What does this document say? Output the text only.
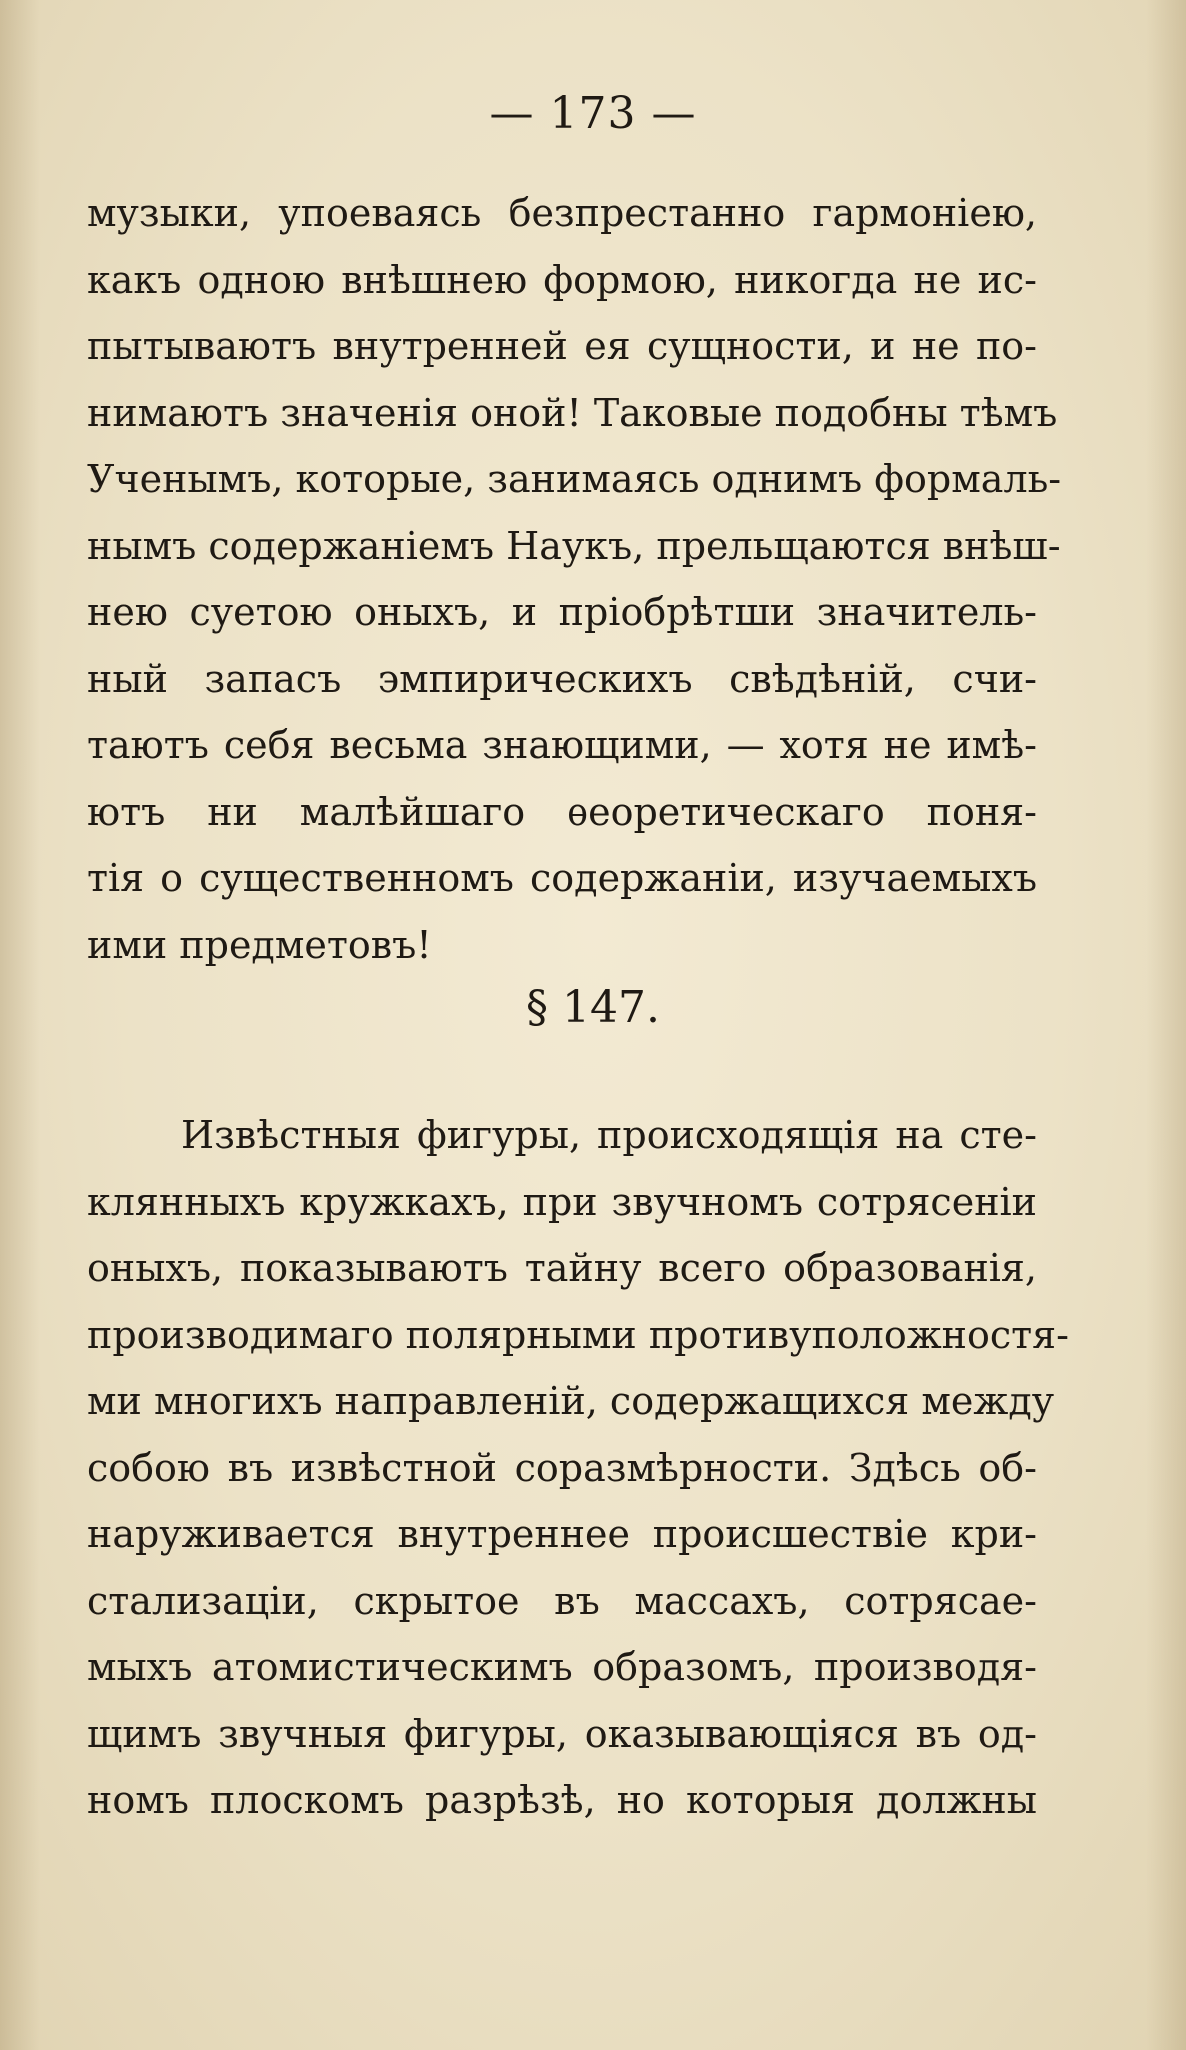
— 173 —
музыки, упоеваясь безпрестанно гармонiею,
какъ одною внѣшнею формою, никогда не ис-
пытываютъ внутренней ея сущности, и не по-
нимаютъ значенiя оной! Таковые подобны тѣмъ
Ученымъ, которые, занимаясь однимъ формаль-
нымъ содержанiемъ Наукъ, прельщаются внѣш-
нею суетою оныхъ, и прiобрѣтши значитель-
ный запасъ эмпирическихъ свѣдѣнiй, счи-
таютъ себя весьма знающими, — хотя не имѣ-
ютъ ни малѣйшаго ѳеоретическаго поня-
тiя о существенномъ содержанiи, изучаемыхъ
ими предметовъ!
§ 147.
Извѣстныя фигуры, происходящiя на сте-
клянныхъ кружкахъ, при звучномъ сотрясенiи
оныхъ, показываютъ тайну всего образованiя,
производимаго полярными противуположностя-
ми многихъ направленiй, содержащихся между
собою въ извѣстной соразмѣрности. Здѣсь об-
наруживается внутреннее происшествiе кри-
стализацiи, скрытое въ массахъ, сотрясае-
мыхъ атомистическимъ образомъ, производя-
щимъ звучныя фигуры, оказывающiяся въ од-
номъ плоскомъ разрѣзѣ, но которыя должны
